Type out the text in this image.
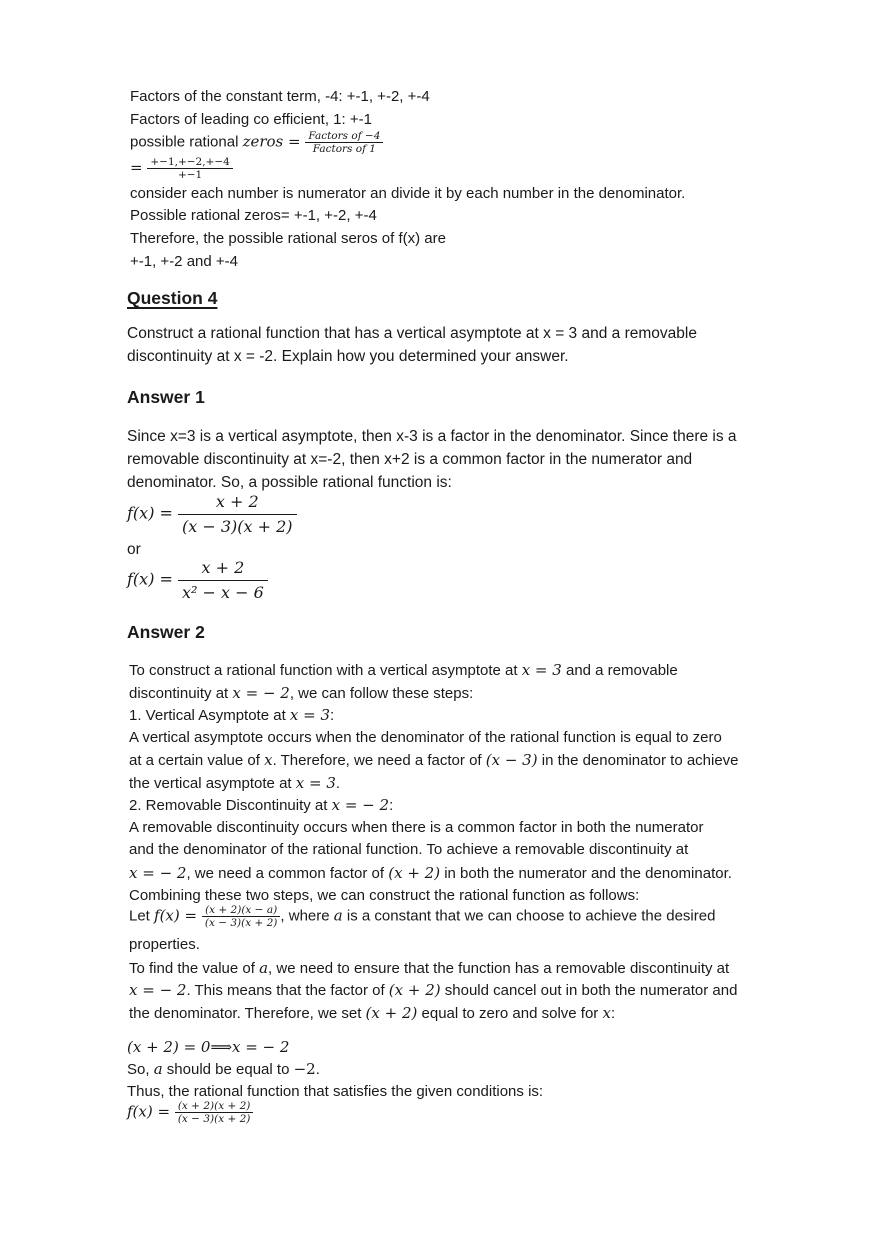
Factors of the constant term, -4: +-1, +-2, +-4
Factors of leading co efficient, 1: +-1
possible rational zeros = $\frac{\text{Factors of −4}}{\text{Factors of 1}}$
= $\frac{+-1,+-2,+-4}{+-1}$
consider each number is numerator an divide it by each number in the denominator.
Possible rational zeros= +-1, +-2, +-4
Therefore, the possible rational seros of f(x) are
+-1, +-2 and +-4
Question 4
Construct a rational function that has a vertical asymptote at x = 3 and a removable
discontinuity at x = -2. Explain how you determined your answer.
Answer 1
Since x=3 is a vertical asymptote, then x-3 is a factor in the denominator. Since there is a
removable discontinuity at x=-2, then x+2 is a common factor in the numerator and
denominator. So, a possible rational function is:
$f(x) = \frac{x + 2}{(x - 3)(x + 2)}$
or
$f(x) = \frac{x + 2}{\text{x² − x − 6}}$
Answer 2
To construct a rational function with a vertical asymptote at x = 3 and a removable
discontinuity at x = − 2, we can follow these steps:
1. Vertical Asymptote at x = 3:
A vertical asymptote occurs when the denominator of the rational function is equal to zero
at a certain value of x. Therefore, we need a factor of (x − 3) in the denominator to achieve
the vertical asymptote at x = 3.
2. Removable Discontinuity at x = − 2:
A removable discontinuity occurs when there is a common factor in both the numerator
and the denominator of the rational function. To achieve a removable discontinuity at
x = − 2, we need a common factor of (x + 2) in both the numerator and the denominator.
Combining these two steps, we can construct the rational function as follows:
Let $f(x) = \frac{(x + 2)(x - a)}{(x - 3)(x + 2)}$ , where a is a constant that we can choose to achieve the desired
properties.
To find the value of a, we need to ensure that the function has a removable discontinuity at
x = − 2. This means that the factor of (x + 2) should cancel out in both the numerator and
the denominator. Therefore, we set (x + 2) equal to zero and solve for x:
(x + 2) = 0⟹x = − 2
So, a should be equal to −2.
Thus, the rational function that satisfies the given conditions is:
$f(x) = \frac{(x + 2)(x + 2)}{(x - 3)(x + 2)}$
